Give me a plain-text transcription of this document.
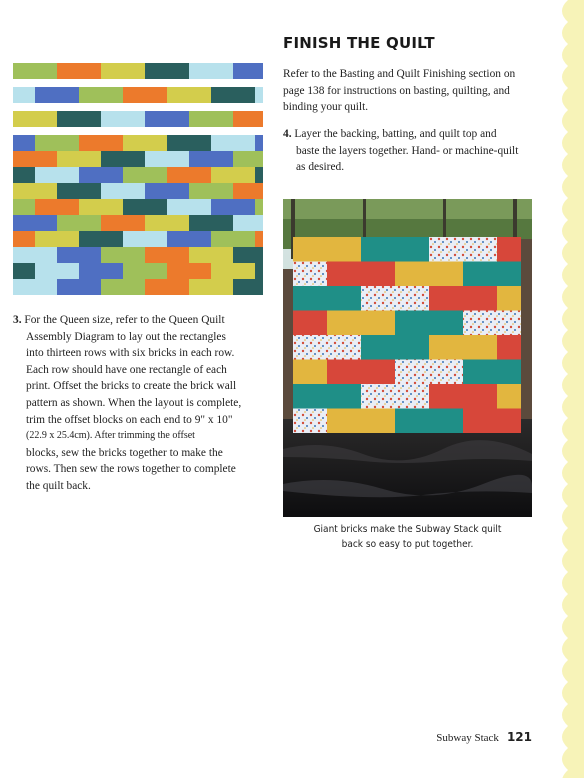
3. For the Queen size, refer to the Queen Quilt
Assembly Diagram to lay out the rectangles
into thirteen rows with six bricks in each row.
Each row should have one rectangle of each
print. Offset the bricks to create the brick wall
pattern as shown. When the layout is complete,
trim the offset blocks on each end to 9" x 10"
(22.9 x 25.4cm). After trimming the offset
blocks, sew the bricks together to make the
rows. Then sew the rows together to complete
the quilt back.
FINISH THE QUILT
Refer to the Basting and Quilt Finishing section on
page 138 for instructions on basting, quilting, and
binding your quilt.
4. Layer the backing, batting, and quilt top and
baste the layers together. Hand- or machine-quilt
as desired.
Giant bricks make the Subway Stack quilt
back so easy to put together.
Subway Stack 121
